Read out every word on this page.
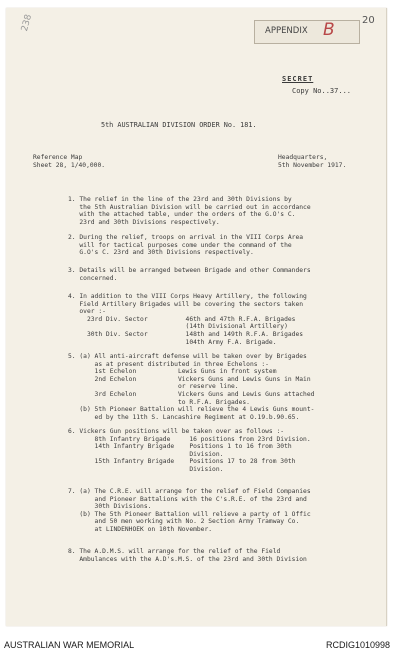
238	APPENDIX B	20
SECRET
Copy No..37...
5th AUSTRALIAN DIVISION ORDER No. 181.
Reference Map
Sheet 28, 1/40,000.
Headquarters,
5th November 1917.
1. The relief in the line of the 23rd and 30th Divisions by
the 5th Australian Division will be carried out in accordance
with the attached table, under the orders of the G.O's C.
23rd and 30th Divisions respectively.
2. During the relief, troops on arrival in the VIII Corps Area
will for tactical purposes come under the command of the
G.O's C. 23rd and 30th Divisions respectively.
3. Details will be arranged between Brigade and other Commanders
concerned.
4. In addition to the VIII Corps Heavy Artillery, the following
Field Artillery Brigades will be covering the sectors taken
over :-
23rd Div. Sector          46th and 47th R.F.A. Brigades
(14th Divisional Artillery)
30th Div. Sector          148th and 149th R.F.A. Brigades
104th Army F.A. Brigade.
5. (a) All anti-aircraft defense will be taken over by Brigades
as at present distributed in three Echelons :-
1st Echelon           Lewis Guns in front system
2nd Echelon           Vickers Guns and Lewis Guns in Main
or reserve line.
3rd Echelon           Vickers Guns and Lewis Guns attached
to R.F.A. Brigades.
(b) 5th Pioneer Battalion will relieve the 4 Lewis Guns mount-
ed by the 11th S. Lancashire Regiment at O.19.b.90.65.
6. Vickers Gun positions will be taken over as follows :-
8th Infantry Brigade     16 positions from 23rd Division.
14th Infantry Brigade    Positions 1 to 16 from 30th
Division.
15th Infantry Brigade    Positions 17 to 28 from 30th
Division.
7. (a) The C.R.E. will arrange for the relief of Field Companies
and Pioneer Battalions with the C's.R.E. of the 23rd and
30th Divisions.
(b) The 5th Pioneer Battalion will relieve a party of 1 Offic
and 50 men working with No. 2 Section Army Tramway Co.
at LINDENHOEK on 10th November.
8. The A.D.M.S. will arrange for the relief of the Field
Ambulances with the A.D's.M.S. of the 23rd and 30th Division
AUSTRALIAN WAR MEMORIAL	RCDIG1010998
